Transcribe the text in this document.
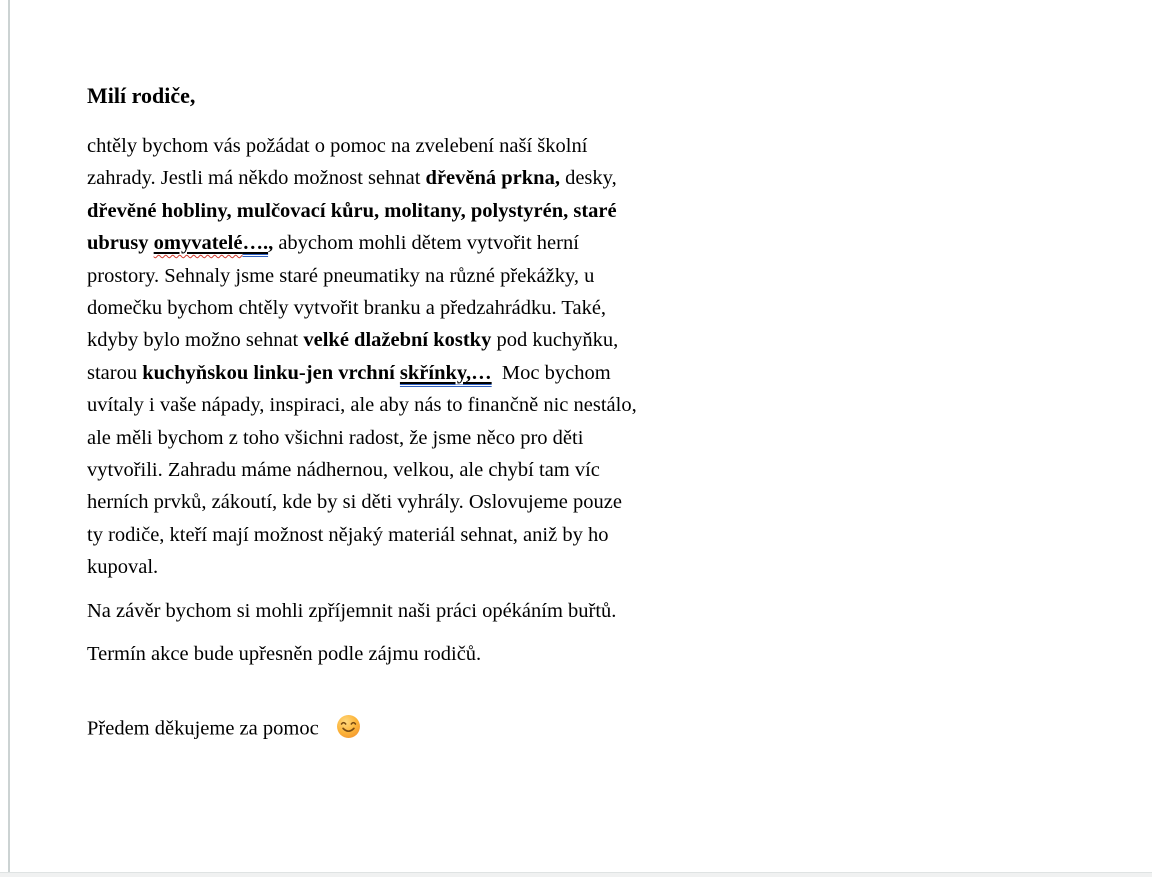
Milí rodiče,

chtěly bychom vás požádat o pomoc na zvelebení naší školní zahrady. Jestli má někdo možnost sehnat dřevěná prkna, desky, dřevěné hobliny, mulčovací kůru, molitany, polystyrén, staré ubrusy omyvatelé…., abychom mohli dětem vytvořit herní prostory. Sehnaly jsme staré pneumatiky na různé překážky, u domečku bychom chtěly vytvořit branku a předzahrádku. Také, kdyby bylo možno sehnat velké dlažební kostky pod kuchyňku, starou kuchyňskou linku-jen vrchní skřínky,…  Moc bychom uvítaly i vaše nápady, inspiraci, ale aby nás to finančně nic nestálo, ale měli bychom z toho všichni radost, že jsme něco pro děti vytvořili. Zahradu máme nádhernou, velkou, ale chybí tam víc herních prvků, zákoutí, kde by si děti vyhrály. Oslovujeme pouze ty rodiče, kteří mají možnost nějaký materiál sehnat, aniž by ho kupoval.

Na závěr bychom si mohli zpříjemnit naši práci opékáním buřtů.

Termín akce bude upřesněn podle zájmu rodičů.

Předem děkujeme za pomoc
